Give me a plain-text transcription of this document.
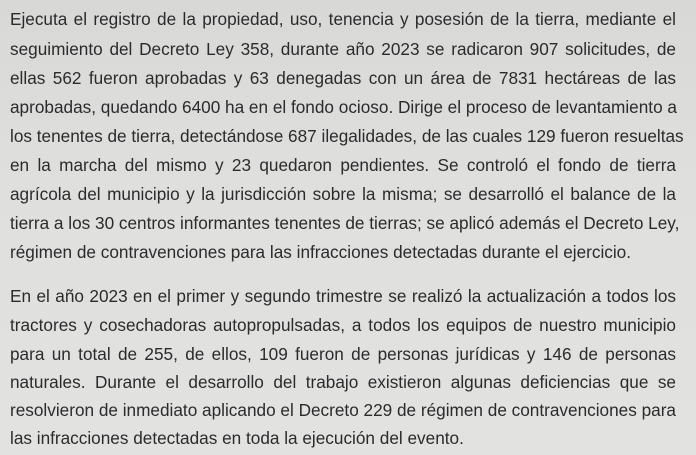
Ejecuta el registro de la propiedad, uso, tenencia y posesión de la tierra, mediante el
seguimiento del Decreto Ley 358, durante año 2023 se radicaron 907 solicitudes, de
ellas 562 fueron aprobadas y 63 denegadas con un área de 7831 hectáreas de las
aprobadas, quedando 6400 ha en el fondo ocioso. Dirige el proceso de levantamiento a
los tenentes de tierra, detectándose 687 ilegalidades, de las cuales 129 fueron resueltas
en la marcha del mismo y 23 quedaron pendientes. Se controló el fondo de tierra
agrícola del municipio y la jurisdicción sobre la misma; se desarrolló el balance de la
tierra a los 30 centros informantes tenentes de tierras; se aplicó además el Decreto Ley,
régimen de contravenciones para las infracciones detectadas durante el ejercicio.
En el año 2023 en el primer y segundo trimestre se realizó la actualización a todos los
tractores y cosechadoras autopropulsadas, a todos los equipos de nuestro municipio
para un total de 255, de ellos, 109 fueron de personas jurídicas y 146 de personas
naturales. Durante el desarrollo del trabajo existieron algunas deficiencias que se
resolvieron de inmediato aplicando el Decreto 229 de régimen de contravenciones para
las infracciones detectadas en toda la ejecución del evento.
